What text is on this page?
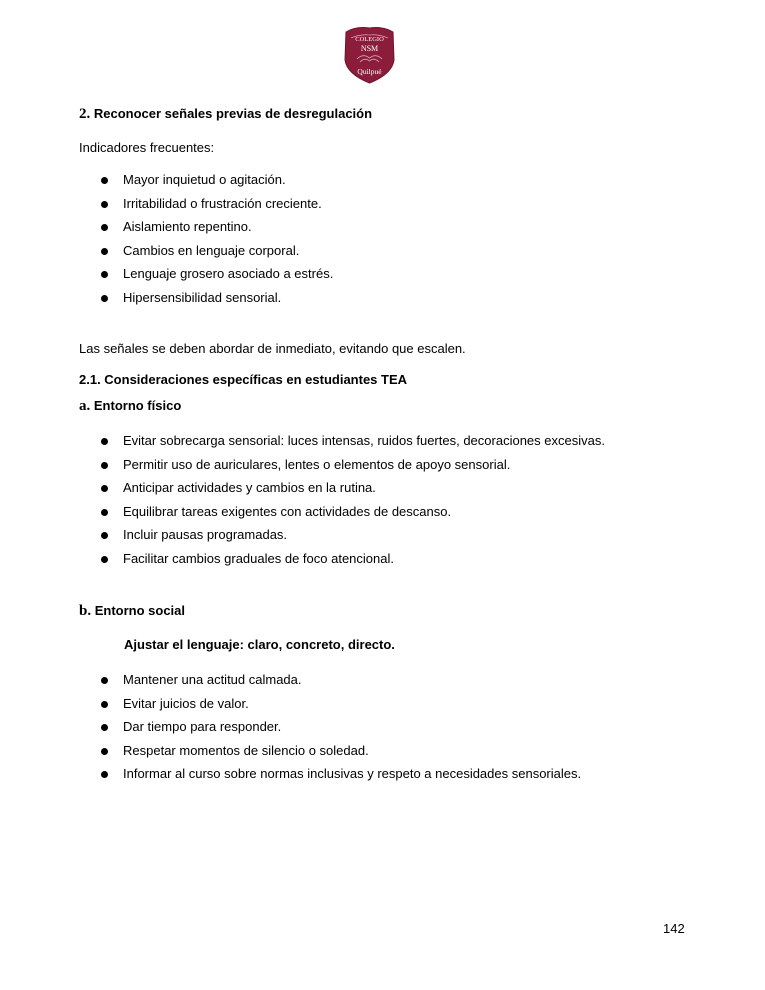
COLEGIO
NSM
Quilpué
2. Reconocer señales previas de desregulación
Indicadores frecuentes:
Mayor inquietud o agitación.
Irritabilidad o frustración creciente.
Aislamiento repentino.
Cambios en lenguaje corporal.
Lenguaje grosero asociado a estrés.
Hipersensibilidad sensorial.
Las señales se deben abordar de inmediato, evitando que escalen.
2.1. Consideraciones específicas en estudiantes TEA
a. Entorno físico
Evitar sobrecarga sensorial: luces intensas, ruidos fuertes, decoraciones excesivas.
Permitir uso de auriculares, lentes o elementos de apoyo sensorial.
Anticipar actividades y cambios en la rutina.
Equilibrar tareas exigentes con actividades de descanso.
Incluir pausas programadas.
Facilitar cambios graduales de foco atencional.
b. Entorno social
Ajustar el lenguaje: claro, concreto, directo.
Mantener una actitud calmada.
Evitar juicios de valor.
Dar tiempo para responder.
Respetar momentos de silencio o soledad.
Informar al curso sobre normas inclusivas y respeto a necesidades sensoriales.
142
